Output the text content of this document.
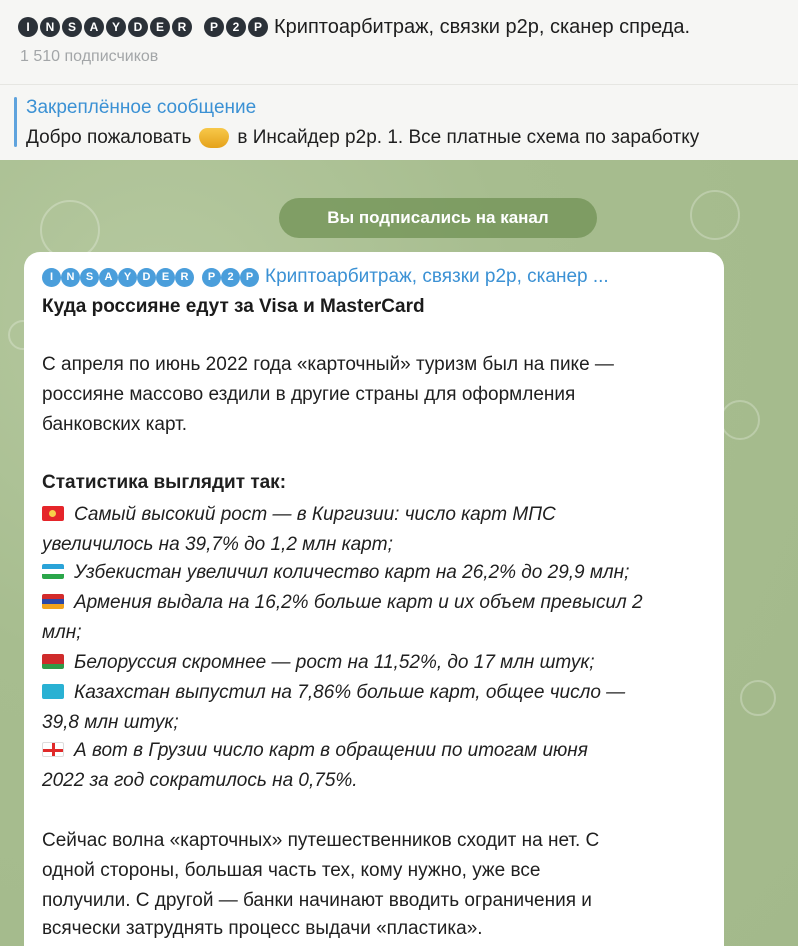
I	N	S	A	Y	D	E	R	P	2	P Криптоарбитраж, связки р2р, сканер спреда.
1 510 подписчиков
Закреплённое сообщение
Добро пожаловать в Инсайдер р2р. 1. Все платные схема по заработку
Вы подписались на канал
I	N	S	A	Y	D	E	R	P	2	P Криптоарбитраж, связки р2р, сканер ...
Куда россияне едут за Visa и MasterCard
С апреля по июнь 2022 года «карточный» туризм был на пике —
россияне массово ездили в другие страны для оформления
банковских карт.
Статистика выглядит так:
Самый высокий рост — в Киргизии: число карт МПС
увеличилось на 39,7% до 1,2 млн карт;
Узбекистан увеличил количество карт на 26,2% до 29,9 млн;
Армения выдала на 16,2% больше карт и их объем превысил 2
млн;
Белоруссия скромнее — рост на 11,52%, до 17 млн штук;
Казахстан выпустил на 7,86% больше карт, общее число —
39,8 млн штук;
А вот в Грузии число карт в обращении по итогам июня
2022 за год сократилось на 0,75%.
Сейчас волна «карточных» путешественников сходит на нет. С
одной стороны, большая часть тех, кому нужно, уже все
получили. С другой — банки начинают вводить ограничения и
всячески затруднять процесс выдачи «пластика».
